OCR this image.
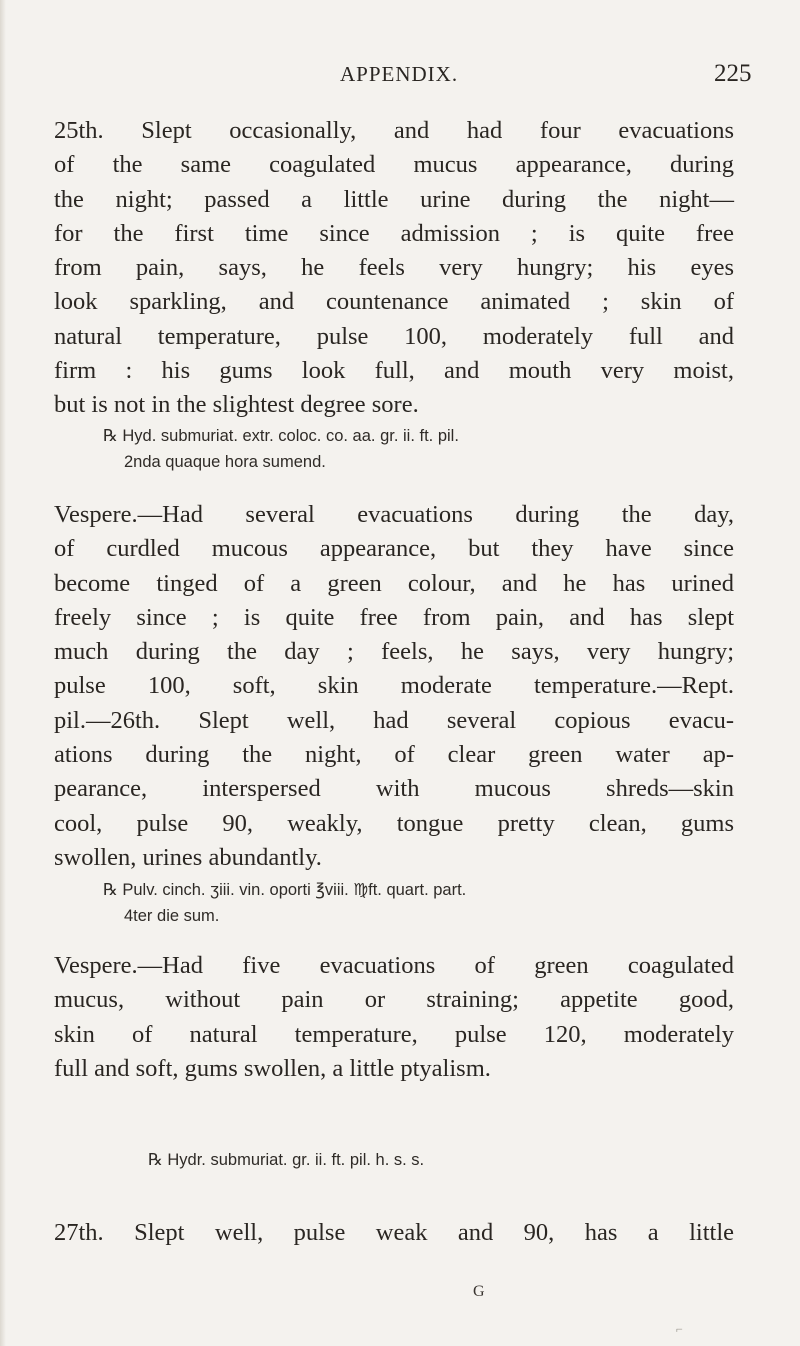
APPENDIX.	225
25th. Slept occasionally, and had four evacuations
of the same coagulated mucus appearance, during
the night; passed a little urine during the night—
for the first time since admission ; is quite free
from pain, says, he feels very hungry; his eyes
look sparkling, and countenance animated ; skin of
natural temperature, pulse 100, moderately full and
firm : his gums look full, and mouth very moist,
but is not in the slightest degree sore.
℞ Hyd. submuriat. extr. coloc. co. aa. gr. ii. ft. pil.
2nda quaque hora sumend.
Vespere.—Had several evacuations during the day,
of curdled mucous appearance, but they have since
become tinged of a green colour, and he has urined
freely since ; is quite free from pain, and has slept
much during the day ; feels, he says, very hungry;
pulse 100, soft, skin moderate temperature.—Rept.
pil.—26th. Slept well, had several copious evacu-
ations during the night, of clear green water ap-
pearance, interspersed with mucous shreds—skin
cool, pulse 90, weakly, tongue pretty clean, gums
swollen, urines abundantly.
℞ Pulv. cinch. ʒiii. vin. oporti ℥viii. ♍ft. quart. part.
4ter die sum.
Vespere.—Had five evacuations of green coagulated
mucus, without pain or straining; appetite good,
skin of natural temperature, pulse 120, moderately
full and soft, gums swollen, a little ptyalism.
℞ Hydr. submuriat. gr. ii. ft. pil. h. s. s.
27th. Slept well, pulse weak and 90, has a little
G
⌐
